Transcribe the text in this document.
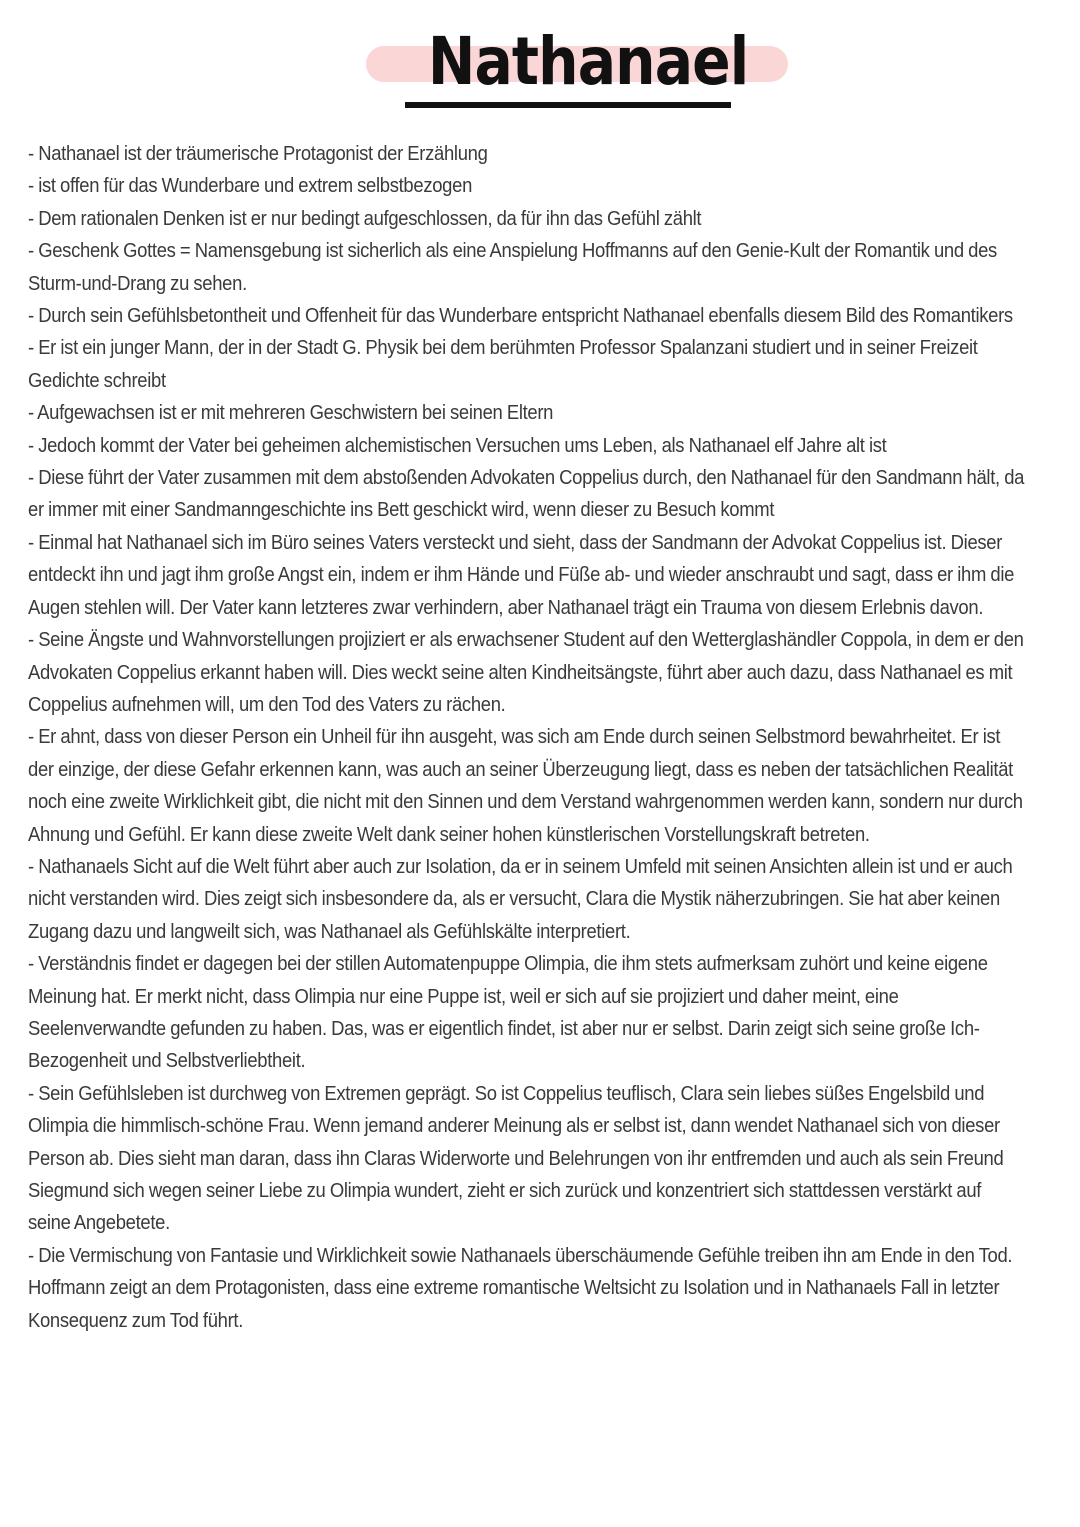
Nathanael

- Nathanael ist der träumerische Protagonist der Erzählung

- ist offen für das Wunderbare und extrem selbstbezogen

- Dem rationalen Denken ist er nur bedingt aufgeschlossen, da für ihn das Gefühl zählt

- Geschenk Gottes = Namensgebung ist sicherlich als eine Anspielung Hoffmanns auf den Genie-Kult der Romantik und des Sturm-und-Drang zu sehen.

- Durch sein Gefühlsbetontheit und Offenheit für das Wunderbare entspricht Nathanael ebenfalls diesem Bild des Romantikers

- Er ist ein junger Mann, der in der Stadt G. Physik bei dem berühmten Professor Spalanzani studiert und in seiner Freizeit Gedichte schreibt

- Aufgewachsen ist er mit mehreren Geschwistern bei seinen Eltern

- Jedoch kommt der Vater bei geheimen alchemistischen Versuchen ums Leben, als Nathanael elf Jahre alt ist

- Diese führt der Vater zusammen mit dem abstoßenden Advokaten Coppelius durch, den Nathanael für den Sandmann hält, da er immer mit einer Sandmanngeschichte ins Bett geschickt wird, wenn dieser zu Besuch kommt

- Einmal hat Nathanael sich im Büro seines Vaters versteckt und sieht, dass der Sandmann der Advokat Coppelius ist. Dieser entdeckt ihn und jagt ihm große Angst ein, indem er ihm Hände und Füße ab- und wieder anschraubt und sagt, dass er ihm die Augen stehlen will. Der Vater kann letzteres zwar verhindern, aber Nathanael trägt ein Trauma von diesem Erlebnis davon.

- Seine Ängste und Wahnvorstellungen projiziert er als erwachsener Student auf den Wetterglashändler Coppola, in dem er den Advokaten Coppelius erkannt haben will. Dies weckt seine alten Kindheitsängste, führt aber auch dazu, dass Nathanael es mit Coppelius aufnehmen will, um den Tod des Vaters zu rächen.

- Er ahnt, dass von dieser Person ein Unheil für ihn ausgeht, was sich am Ende durch seinen Selbstmord bewahrheitet. Er ist der einzige, der diese Gefahr erkennen kann, was auch an seiner Überzeugung liegt, dass es neben der tatsächlichen Realität noch eine zweite Wirklichkeit gibt, die nicht mit den Sinnen und dem Verstand wahrgenommen werden kann, sondern nur durch Ahnung und Gefühl. Er kann diese zweite Welt dank seiner hohen künstlerischen Vorstellungskraft betreten.

- Nathanaels Sicht auf die Welt führt aber auch zur Isolation, da er in seinem Umfeld mit seinen Ansichten allein ist und er auch nicht verstanden wird. Dies zeigt sich insbesondere da, als er versucht, Clara die Mystik näherzubringen. Sie hat aber keinen Zugang dazu und langweilt sich, was Nathanael als Gefühlskälte interpretiert.

- Verständnis findet er dagegen bei der stillen Automatenpuppe Olimpia, die ihm stets aufmerksam zuhört und keine eigene Meinung hat. Er merkt nicht, dass Olimpia nur eine Puppe ist, weil er sich auf sie projiziert und daher meint, eine Seelenverwandte gefunden zu haben. Das, was er eigentlich findet, ist aber nur er selbst. Darin zeigt sich seine große Ich-Bezogenheit und Selbstverliebtheit.

- Sein Gefühlsleben ist durchweg von Extremen geprägt. So ist Coppelius teuflisch, Clara sein liebes süßes Engelsbild und Olimpia die himmlisch-schöne Frau. Wenn jemand anderer Meinung als er selbst ist, dann wendet Nathanael sich von dieser Person ab. Dies sieht man daran, dass ihn Claras Widerworte und Belehrungen von ihr entfremden und auch als sein Freund Siegmund sich wegen seiner Liebe zu Olimpia wundert, zieht er sich zurück und konzentriert sich stattdessen verstärkt auf seine Angebetete.

- Die Vermischung von Fantasie und Wirklichkeit sowie Nathanaels überschäumende Gefühle treiben ihn am Ende in den Tod. Hoffmann zeigt an dem Protagonisten, dass eine extreme romantische Weltsicht zu Isolation und in Nathanaels Fall in letzter Konsequenz zum Tod führt.
